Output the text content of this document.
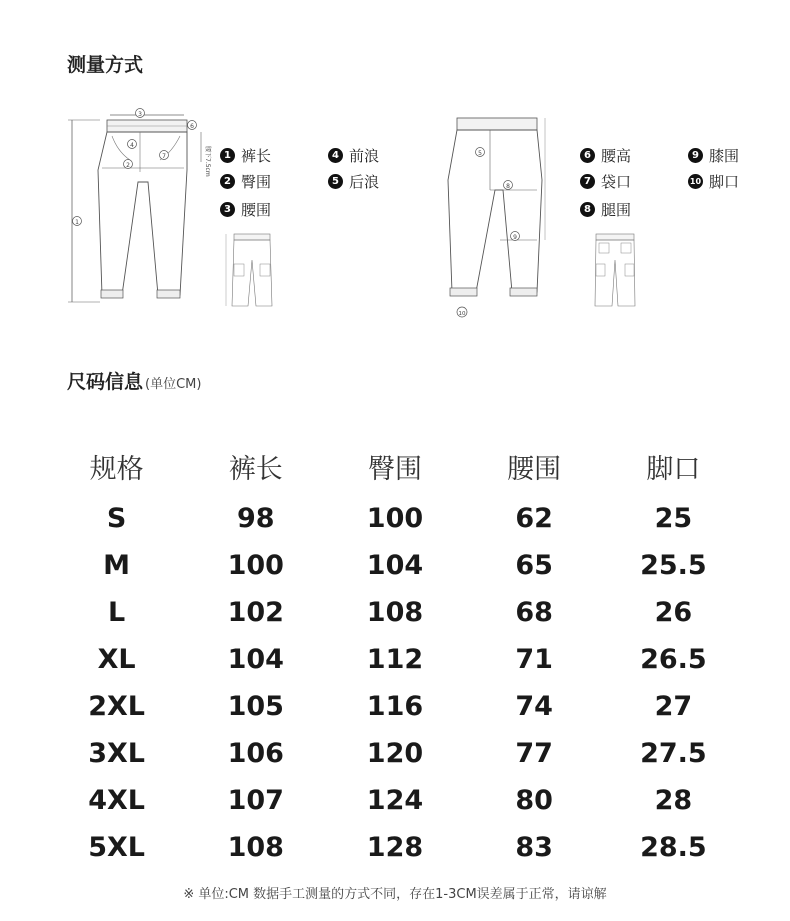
测量方式
1
3
2
4
7
6
腰下7.5cm	5
8
9
10
1 裤长
2 臀围
3 腰围
4 前浪
5 后浪
6 腰高
7 袋口
8 腿围
9 膝围
10 脚口
尺码信息 (单位CM)
规格	裤长	臀围	腰围	脚口
S	98	100	62	25
M	100	104	65	25.5
L	102	108	68	26
XL	104	112	71	26.5
2XL	105	116	74	27
3XL	106	120	77	27.5
4XL	107	124	80	28
5XL	108	128	83	28.5
※ 单位:CM 数据手工测量的方式不同，存在1-3CM误差属于正常，请谅解
